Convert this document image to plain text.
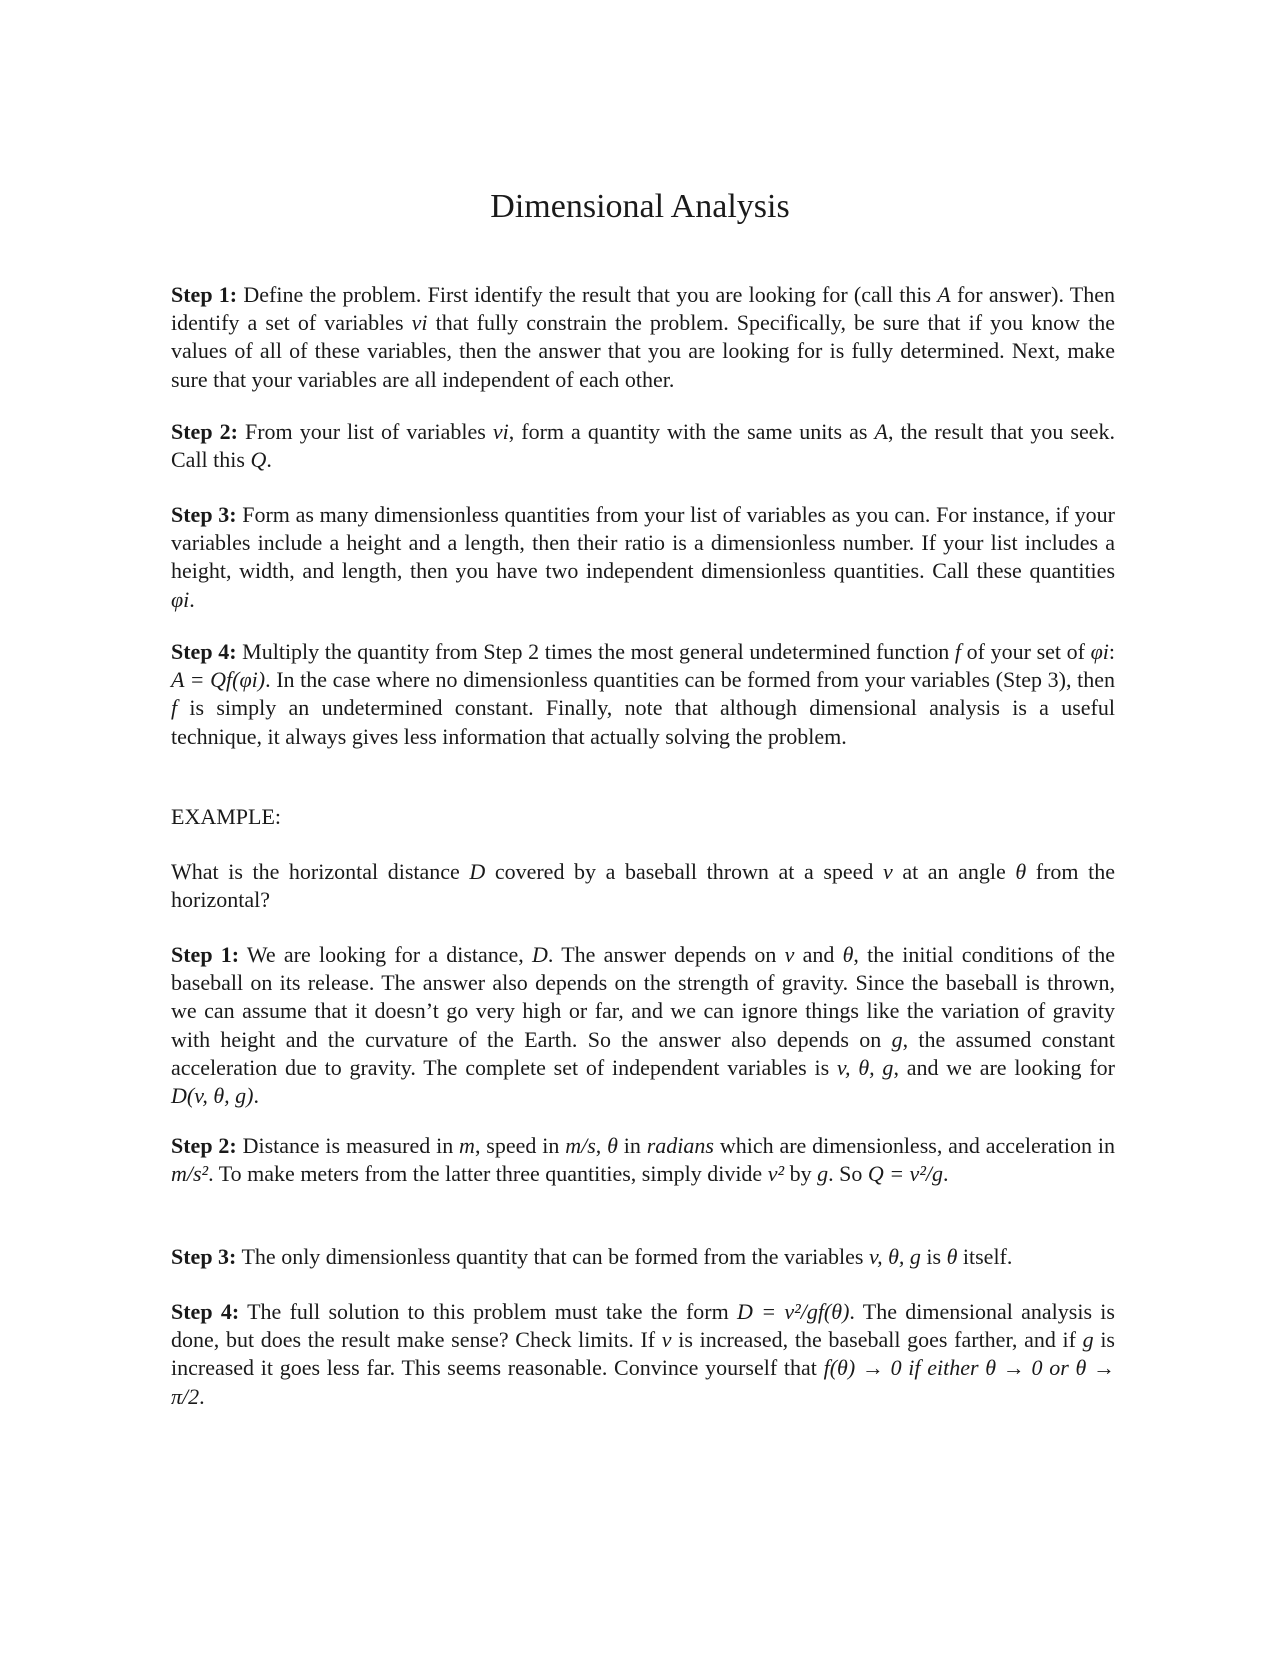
Dimensional Analysis

Step 1: Define the problem. First identify the result that you are looking for (call this A for answer). Then identify a set of variables vi that fully constrain the problem. Specifically, be sure that if you know the values of all of these variables, then the answer that you are looking for is fully determined. Next, make sure that your variables are all independent of each other.

Step 2: From your list of variables vi, form a quantity with the same units as A, the result that you seek. Call this Q.

Step 3: Form as many dimensionless quantities from your list of variables as you can. For instance, if your variables include a height and a length, then their ratio is a dimensionless number. If your list includes a height, width, and length, then you have two independent dimensionless quantities. Call these quantities φi.

Step 4: Multiply the quantity from Step 2 times the most general undetermined function f of your set of φi: A = Qf(φi). In the case where no dimensionless quantities can be formed from your variables (Step 3), then f is simply an undetermined constant. Finally, note that although dimensional analysis is a useful technique, it always gives less information that actually solving the problem.

EXAMPLE:

What is the horizontal distance D covered by a baseball thrown at a speed v at an angle θ from the horizontal?

Step 1: We are looking for a distance, D. The answer depends on v and θ, the initial conditions of the baseball on its release. The answer also depends on the strength of gravity. Since the baseball is thrown, we can assume that it doesn’t go very high or far, and we can ignore things like the variation of gravity with height and the curvature of the Earth. So the answer also depends on g, the assumed constant acceleration due to gravity. The complete set of independent variables is v, θ, g, and we are looking for D(v, θ, g).

Step 2: Distance is measured in m, speed in m/s, θ in radians which are dimensionless, and acceleration in m/s². To make meters from the latter three quantities, simply divide v² by g. So Q = v²/g.

Step 3: The only dimensionless quantity that can be formed from the variables v, θ, g is θ itself.

Step 4: The full solution to this problem must take the form D = v²/gf(θ). The dimensional analysis is done, but does the result make sense? Check limits. If v is increased, the baseball goes farther, and if g is increased it goes less far. This seems reasonable. Convince yourself that f(θ) → 0 if either θ → 0 or θ → π/2.
